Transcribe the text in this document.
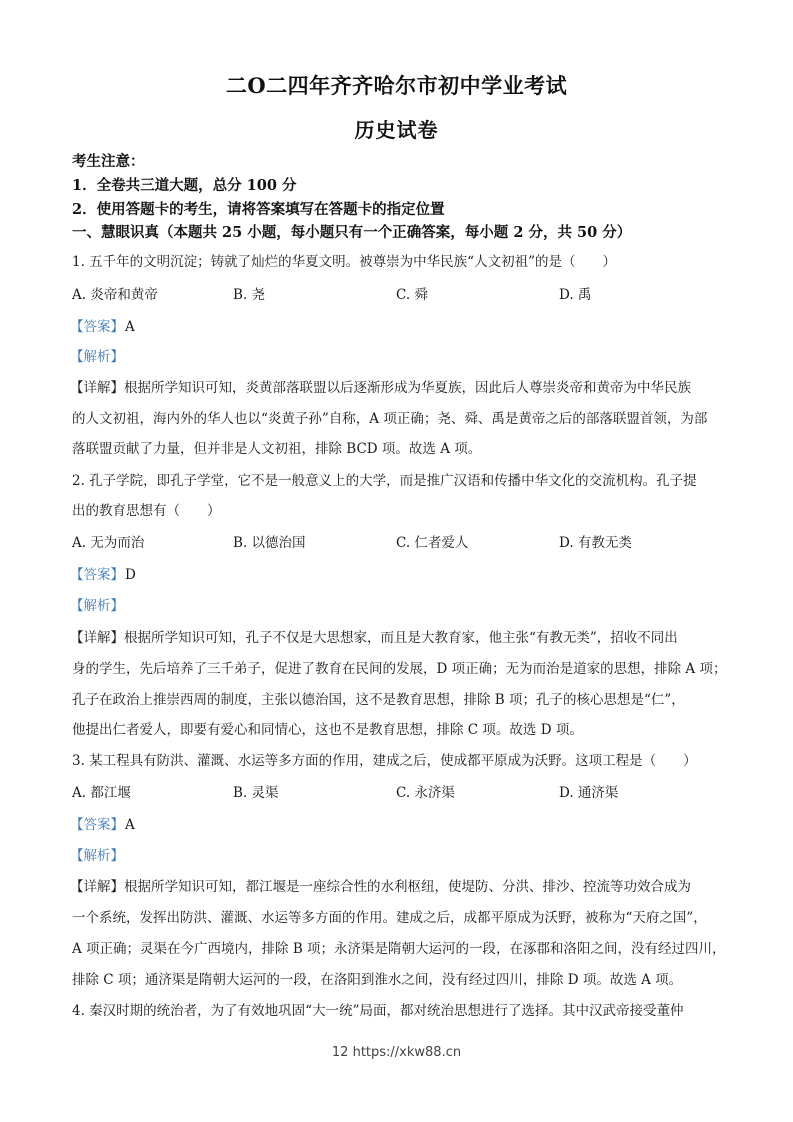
二O二四年齐齐哈尔市初中学业考试
历史试卷
考生注意：
1．全卷共三道大题，总分 100 分
2．使用答题卡的考生，请将答案填写在答题卡的指定位置
一、慧眼识真（本题共 25 小题，每小题只有一个正确答案，每小题 2 分，共 50 分）
1. 五千年的文明沉淀；铸就了灿烂的华夏文明。被尊崇为中华民族“人文初祖”的是（　　）
A. 炎帝和黄帝	B. 尧	C. 舜	D. 禹
【答案】A
【解析】
【详解】根据所学知识可知，炎黄部落联盟以后逐渐形成为华夏族，因此后人尊崇炎帝和黄帝为中华民族
的人文初祖，海内外的华人也以“炎黄子孙”自称，A 项正确；尧、舜、禹是黄帝之后的部落联盟首领，为部
落联盟贡献了力量，但并非是人文初祖，排除 BCD 项。故选 A 项。
2. 孔子学院，即孔子学堂，它不是一般意义上的大学，而是推广汉语和传播中华文化的交流机构。孔子提
出的教育思想有（　　）
A. 无为而治	B. 以德治国	C. 仁者爱人	D. 有教无类
【答案】D
【解析】
【详解】根据所学知识可知，孔子不仅是大思想家，而且是大教育家，他主张“有教无类”，招收不同出
身的学生，先后培养了三千弟子，促进了教育在民间的发展，D 项正确；无为而治是道家的思想，排除 A 项；
孔子在政治上推崇西周的制度，主张以德治国，这不是教育思想，排除 B 项；孔子的核心思想是“仁”，
他提出仁者爱人，即要有爱心和同情心，这也不是教育思想，排除 C 项。故选 D 项。
3. 某工程具有防洪、灌溉、水运等多方面的作用，建成之后，使成都平原成为沃野。这项工程是（　　）
A. 都江堰	B. 灵渠	C. 永济渠	D. 通济渠
【答案】A
【解析】
【详解】根据所学知识可知，都江堰是一座综合性的水利枢纽，使堤防、分洪、排沙、控流等功效合成为
一个系统，发挥出防洪、灌溉、水运等多方面的作用。建成之后，成都平原成为沃野，被称为“天府之国”，
A 项正确；灵渠在今广西境内，排除 B 项；永济渠是隋朝大运河的一段，在涿郡和洛阳之间，没有经过四川，
排除 C 项；通济渠是隋朝大运河的一段，在洛阳到淮水之间，没有经过四川，排除 D 项。故选 A 项。
4. 秦汉时期的统治者，为了有效地巩固“大一统”局面，都对统治思想进行了选择。其中汉武帝接受董仲
12 https://xkw88.cn
